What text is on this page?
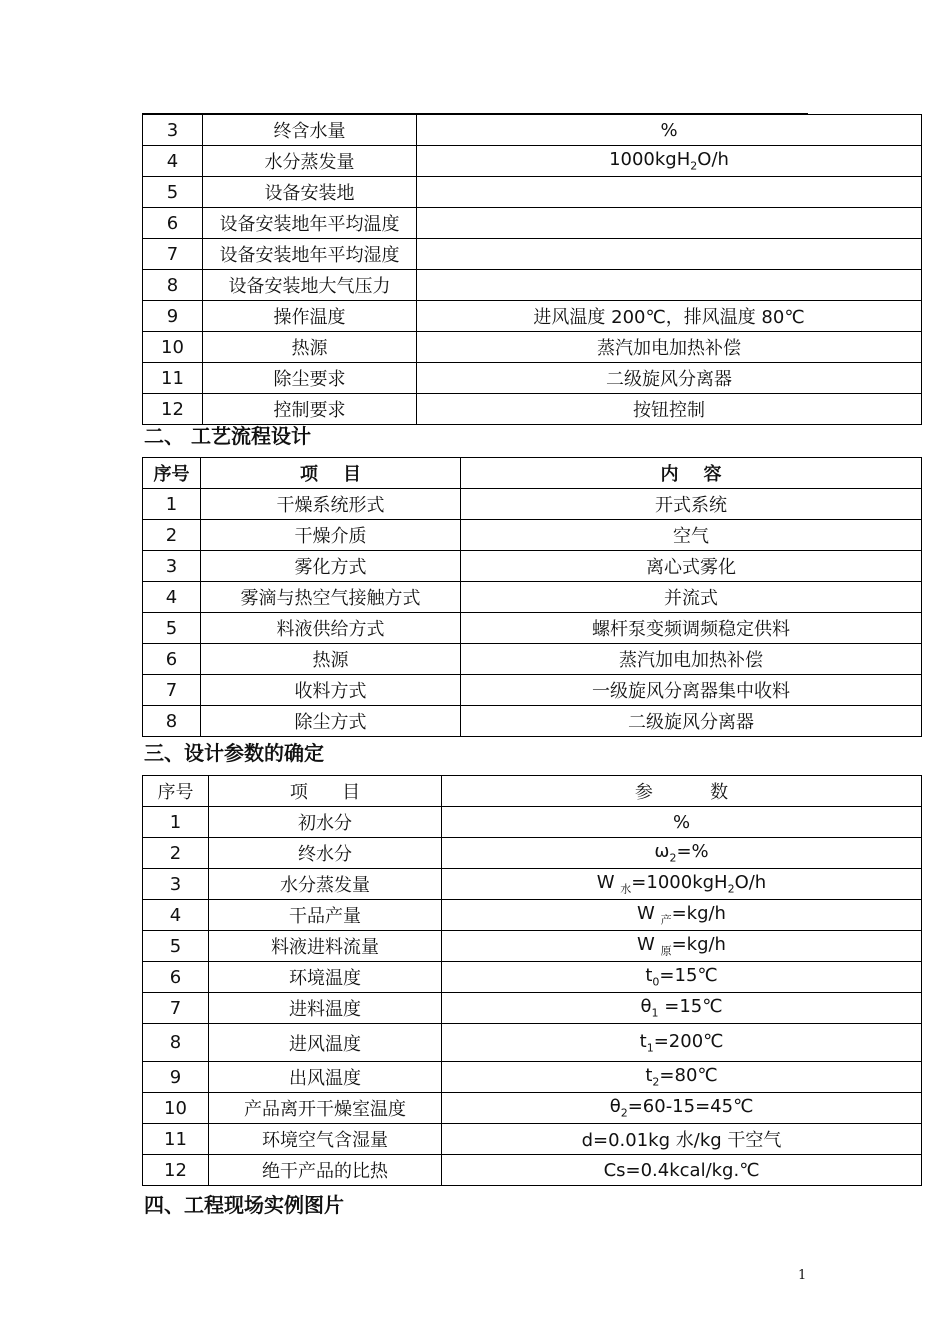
3	终含水量	%
4	水分蒸发量	1000kgH$_2$O/h
5	设备安装地	
6	设备安装地年平均温度	
7	设备安装地年平均湿度	
8	设备安装地大气压力	
9	操作温度	进风温度 200℃，排风温度 80℃
10	热源	蒸汽加电加热补偿
11	除尘要求	二级旋风分离器
12	控制要求	按钮控制
二、 工艺流程设计
序号	项    目	内    容
1	干燥系统形式	开式系统
2	干燥介质	空气
3	雾化方式	离心式雾化
4	雾滴与热空气接触方式	并流式
5	料液供给方式	螺杆泵变频调频稳定供料
6	热源	蒸汽加电加热补偿
7	收料方式	一级旋风分离器集中收料
8	除尘方式	二级旋风分离器
三、设计参数的确定
序号	项      目	参          数
1	初水分	%
2	终水分	$\omega_2=\%$
3	水分蒸发量	W $_水$=1000kgH$_2$O/h
4	干品产量	W $_产$=kg/h
5	料液进料流量	W $_原$=kg/h
6	环境温度	$t_0=15℃$
7	进料温度	$\theta_1$ =15℃
8	进风温度	$t_1=200℃$
9	出风温度	$t_2=80℃$
10	产品离开干燥室温度	$\theta_2=60-15=45℃$
11	环境空气含湿量	d=0.01kg 水/kg 干空气
12	绝干产品的比热	Cs=0.4kcal/kg.℃
四、工程现场实例图片
1
